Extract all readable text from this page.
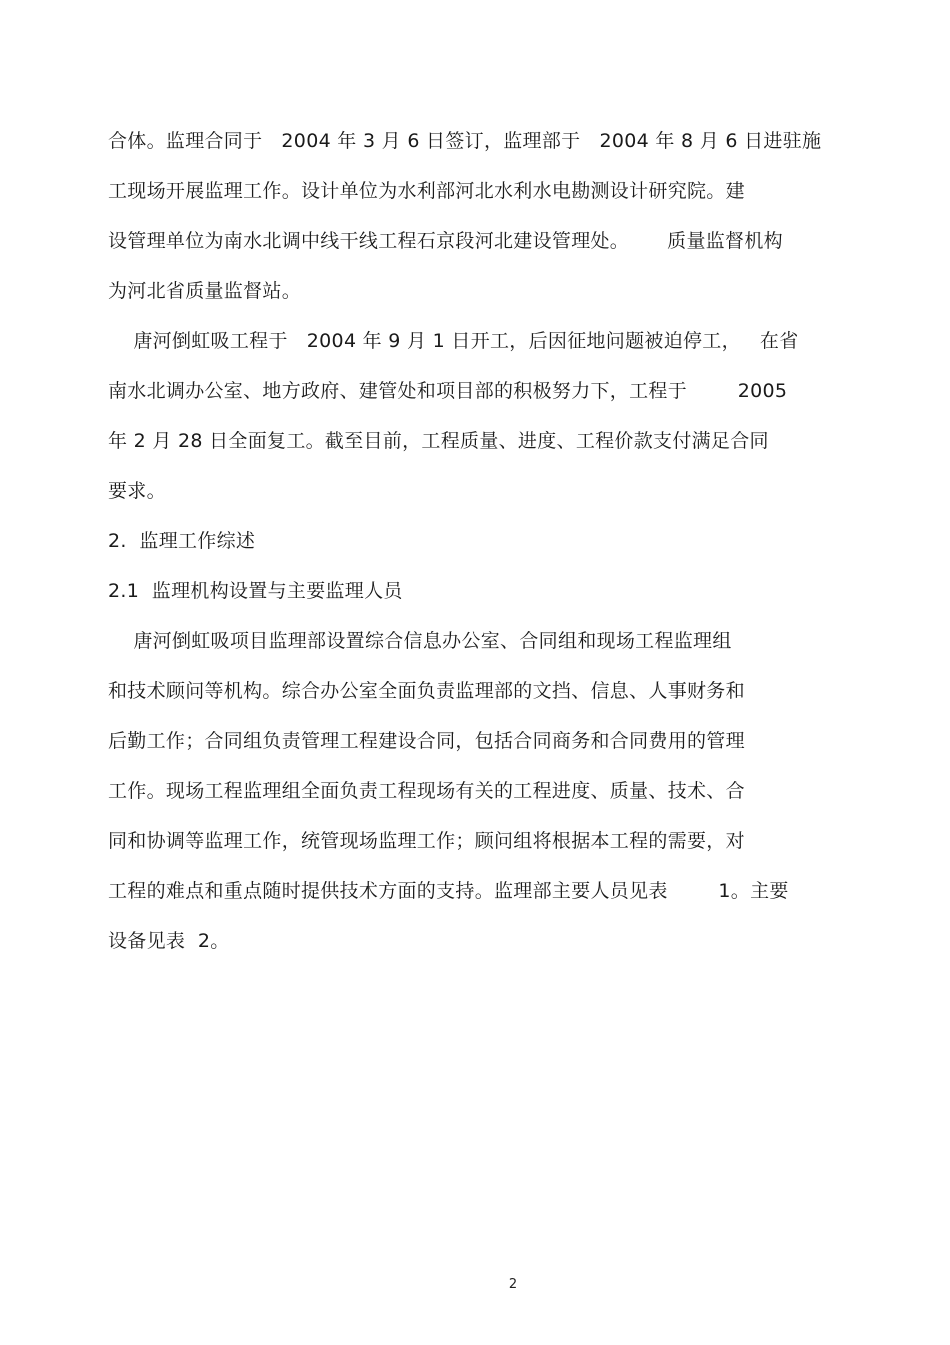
合体。监理合同于   2004 年 3 月 6 日签订，监理部于   2004 年 8 月 6 日进驻施
工现场开展监理工作。设计单位为水利部河北水利水电勘测设计研究院。建
设管理单位为南水北调中线干线工程石京段河北建设管理处。      质量监督机构
为河北省质量监督站。
唐河倒虹吸工程于   2004 年 9 月 1 日开工，后因征地问题被迫停工，   在省
南水北调办公室、地方政府、建管处和项目部的积极努力下，工程于        2005
年 2 月 28 日全面复工。截至目前，工程质量、进度、工程价款支付满足合同
要求。
2.  监理工作综述
2.1  监理机构设置与主要监理人员
唐河倒虹吸项目监理部设置综合信息办公室、合同组和现场工程监理组
和技术顾问等机构。综合办公室全面负责监理部的文挡、信息、人事财务和
后勤工作；合同组负责管理工程建设合同，包括合同商务和合同费用的管理
工作。现场工程监理组全面负责工程现场有关的工程进度、质量、技术、合
同和协调等监理工作，统管现场监理工作；顾问组将根据本工程的需要，对
工程的难点和重点随时提供技术方面的支持。监理部主要人员见表        1。主要
设备见表  2。
2
